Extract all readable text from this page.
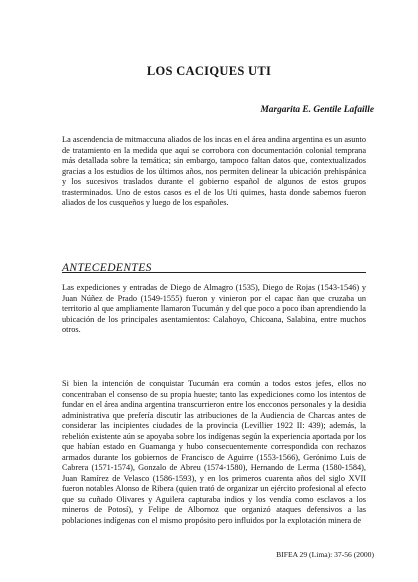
LOS CACIQUES UTI
Margarita E. Gentile Lafaille
La ascendencia de mitmaccuna aliados de los incas en el área andina argentina es un asunto de tratamiento en la medida que aquí se corrobora con documentación colonial temprana más detallada sobre la temática; sin embargo, tampoco faltan datos que, contextualizados gracias a los estudios de los últimos años, nos permiten delinear la ubicación prehispánica y los sucesivos traslados durante el gobierno español de algunos de estos grupos trasterminados. Uno de estos casos es el de los Uti quimes, hasta donde sabemos fueron aliados de los cusqueños y luego de los españoles.
ANTECEDENTES
Las expediciones y entradas de Diego de Almagro (1535), Diego de Rojas (1543-1546) y Juan Núñez de Prado (1549-1555) fueron y vinieron por el capac ñan que cruzaba un territorio al que ampliamente llamaron Tucumán y del que poco a poco iban aprendiendo la ubicación de los principales asentamientos: Calahoyo, Chicoana, Salabina, entre muchos otros.
Si bien la intención de conquistar Tucumán era común a todos estos jefes, ellos no concentraban el consenso de su propia hueste; tanto las expediciones como los intentos de fundar en el área andina argentina transcurrieron entre los encconos personales y la desidia administrativa que prefería discutir las atribuciones de la Audiencia de Charcas antes de considerar las incipientes ciudades de la provincia (Levillier 1922 II: 439); además, la rebelión existente aún se apoyaba sobre los indígenas según la experiencia aportada por los que habían estado en Guamanga y hubo consecuentemente correspondida con rechazos armados durante los gobiernos de Francisco de Aguirre (1553-1566), Gerónimo Luis de Cabrera (1571-1574), Gonzalo de Abreu (1574-1580), Hernando de Lerma (1580-1584), Juan Ramírez de Velasco (1586-1593), y en los primeros cuarenta años del siglo XVII fueron notables Alonso de Ribera (quien trató de organizar un ejército profesional al efecto que su cuñado Olivares y Aguilera capturaba indios y los vendía como esclavos a los mineros de Potosí), y Felipe de Albornoz que organizó ataques defensivos a las poblaciones indígenas con el mismo propósito pero influidos por la explotación minera de
BIFEA 29 (Lima): 37-56 (2000)
